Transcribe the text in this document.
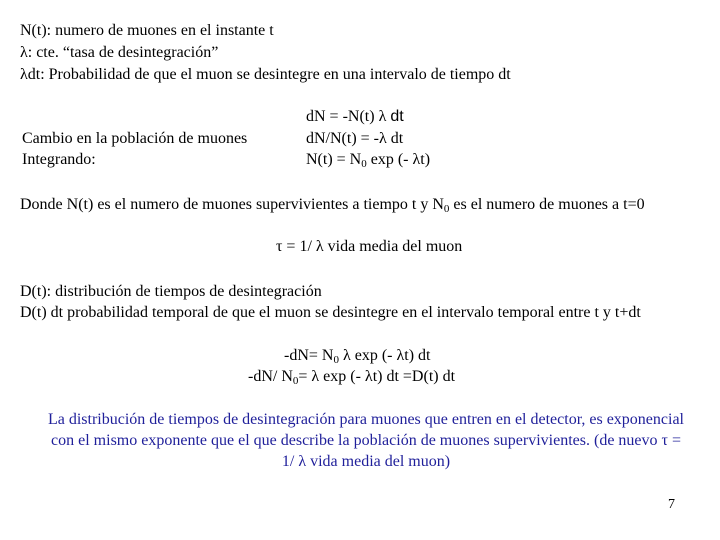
N(t): numero de muones en el instante t
λ: cte. “tasa de desintegración”
λdt: Probabilidad de que el muon se desintegre en una intervalo de tiempo dt
Cambio en la población de muones
Integrando:
dN = -N(t) λ dt
dN/N(t) = -λ dt
$N(t) = N_0$ exp (- λt)
Donde N(t) es el numero de muones supervivientes a tiempo t y $N_0$ es el numero de muones a t=0
τ = 1/ λ vida media del muon
D(t): distribución de tiempos de desintegración
D(t) dt probabilidad temporal de que el muon se desintegre en el intervalo temporal entre t y t+dt
$-dN= N_0$ λ exp (- λt) dt
-dN/ $N_0= \lambda$ exp (- λt) dt =D(t) dt
La distribución de tiempos de desintegración para muones que entren en el detector, es exponencial con el mismo exponente que el que describe la población de muones supervivientes. (de nuevo τ = 1/ λ vida media del muon)
7
